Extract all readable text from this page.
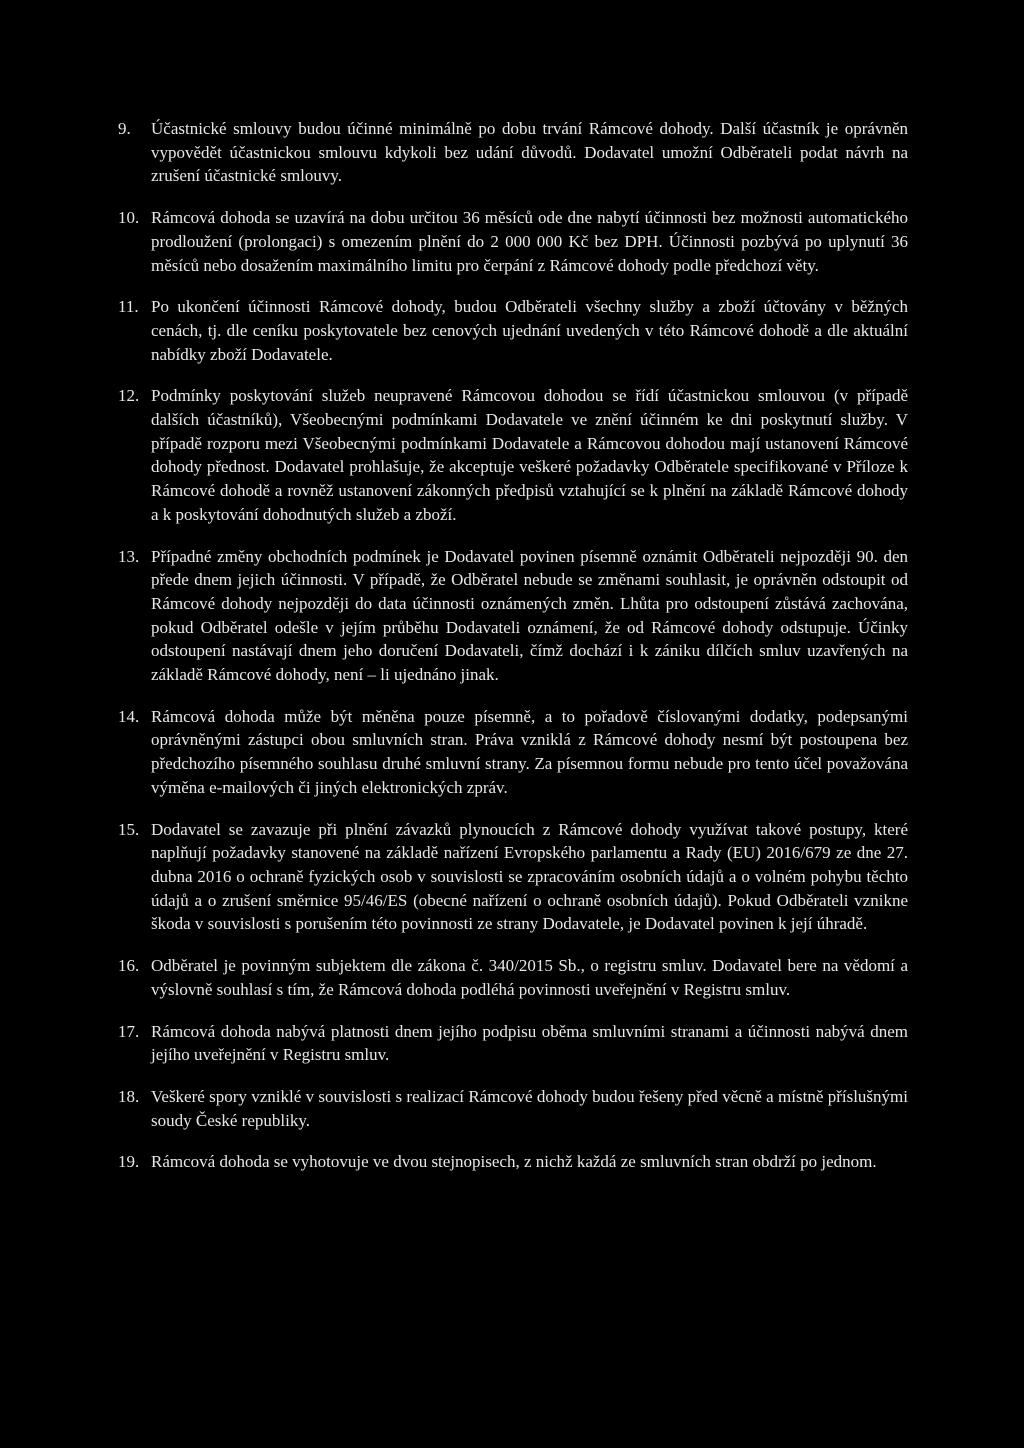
9.	Účastnické smlouvy budou účinné minimálně po dobu trvání Rámcové dohody. Další účastník je oprávněn vypovědět účastnickou smlouvu kdykoli bez udání důvodů. Dodavatel umožní Odběrateli podat návrh na zrušení účastnické smlouvy.

10. Rámcová dohoda se uzavírá na dobu určitou 36 měsíců ode dne nabytí účinnosti bez možnosti automatického prodloužení (prolongaci) s omezením plnění do 2 000 000 Kč bez DPH. Účinnosti pozbývá po uplynutí 36 měsíců nebo dosažením maximálního limitu pro čerpání z Rámcové dohody podle předchozí věty.

11. Po ukončení účinnosti Rámcové dohody, budou Odběrateli všechny služby a zboží účtovány v běžných cenách, tj. dle ceníku poskytovatele bez cenových ujednání uvedených v této Rámcové dohodě a dle aktuální nabídky zboží Dodavatele.

12. Podmínky poskytování služeb neupravené Rámcovou dohodou se řídí účastnickou smlouvou (v případě dalších účastníků), Všeobecnými podmínkami Dodavatele ve znění účinném ke dni poskytnutí služby. V případě rozporu mezi Všeobecnými podmínkami Dodavatele a Rámcovou dohodou mají ustanovení Rámcové dohody přednost. Dodavatel prohlašuje, že akceptuje veškeré požadavky Odběratele specifikované v Příloze k Rámcové dohodě a rovněž ustanovení zákonných předpisů vztahující se k plnění na základě Rámcové dohody a k poskytování dohodnutých služeb a zboží.

13. Případné změny obchodních podmínek je Dodavatel povinen písemně oznámit Odběrateli nejpozději 90. den přede dnem jejich účinnosti. V případě, že Odběratel nebude se změnami souhlasit, je oprávněn odstoupit od Rámcové dohody nejpozději do data účinnosti oznámených změn. Lhůta pro odstoupení zůstává zachována, pokud Odběratel odešle v jejím průběhu Dodavateli oznámení, že od Rámcové dohody odstupuje. Účinky odstoupení nastávají dnem jeho doručení Dodavateli, čímž dochází i k zániku dílčích smluv uzavřených na základě Rámcové dohody, není – li ujednáno jinak.

14. Rámcová dohoda může být měněna pouze písemně, a to pořadově číslovanými dodatky, podepsanými oprávněnými zástupci obou smluvních stran. Práva vzniklá z Rámcové dohody nesmí být postoupena bez předchozího písemného souhlasu druhé smluvní strany. Za písemnou formu nebude pro tento účel považována výměna e-mailových či jiných elektronických zpráv.

15. Dodavatel se zavazuje při plnění závazků plynoucích z Rámcové dohody využívat takové postupy, které naplňují požadavky stanovené na základě nařízení Evropského parlamentu a Rady (EU) 2016/679 ze dne 27. dubna 2016 o ochraně fyzických osob v souvislosti se zpracováním osobních údajů a o volném pohybu těchto údajů a o zrušení směrnice 95/46/ES (obecné nařízení o ochraně osobních údajů). Pokud Odběrateli vznikne škoda v souvislosti s porušením této povinnosti ze strany Dodavatele, je Dodavatel povinen k její úhradě.

16. Odběratel je povinným subjektem dle zákona č. 340/2015 Sb., o registru smluv. Dodavatel bere na vědomí a výslovně souhlasí s tím, že Rámcová dohoda podléhá povinnosti uveřejnění v Registru smluv.

17. Rámcová dohoda nabývá platnosti dnem jejího podpisu oběma smluvními stranami a účinnosti nabývá dnem jejího uveřejnění v Registru smluv.

18. Veškeré spory vzniklé v souvislosti s realizací Rámcové dohody budou řešeny před věcně a místně příslušnými soudy České republiky.

19. Rámcová dohoda se vyhotovuje ve dvou stejnopisech, z nichž každá ze smluvních stran obdrží po jednom.
